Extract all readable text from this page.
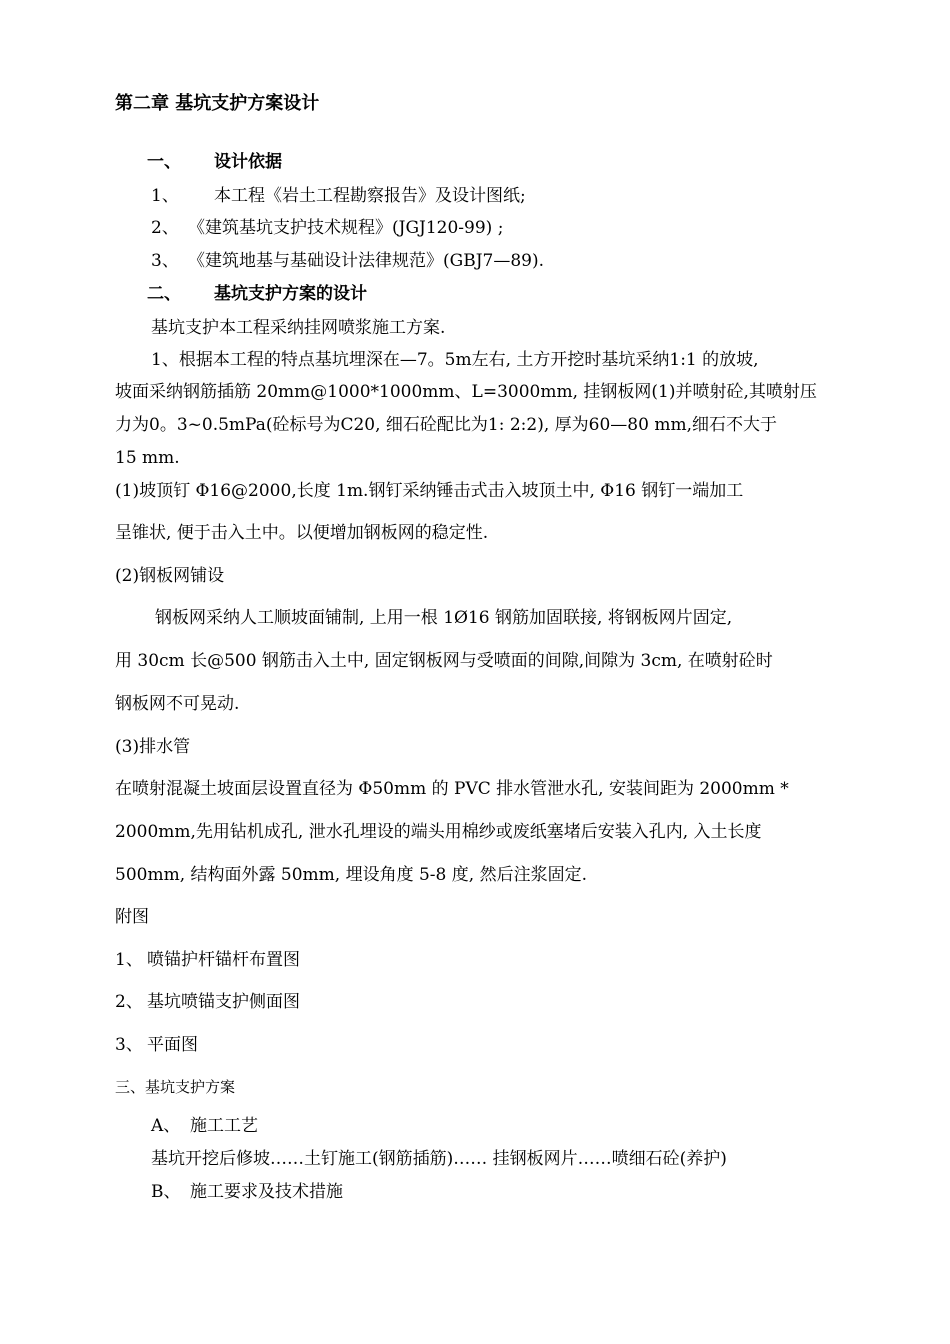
第二章 基坑支护方案设计
一、 设计依据
1、 本工程《岩土工程勘察报告》及设计图纸;
2、 《建筑基坑支护技术规程》(JGJ120-99) ;
3、 《建筑地基与基础设计法律规范》(GBJ7—89).
二、 基坑支护方案的设计
基坑支护本工程采纳挂网喷浆施工方案.
1、根据本工程的特点基坑埋深在—7。5m左右, 土方开挖时基坑采纳1:1 的放坡,
坡面采纳钢筋插筋 20mm@1000*1000mm、L=3000mm, 挂钢板网(1)并喷射砼,其喷射压
力为0。3~0.5mPa(砼标号为C20, 细石砼配比为1: 2:2), 厚为60—80 mm,细石不大于
15 mm.
(1)坡顶钉 Φ16@2000,长度 1m.钢钉采纳锤击式击入坡顶土中, Φ16 钢钉一端加工
呈锥状, 便于击入土中。以便增加钢板网的稳定性.
(2)钢板网铺设
钢板网采纳人工顺坡面铺制, 上用一根 1Ø16 钢筋加固联接, 将钢板网片固定,
用 30cm 长@500 钢筋击入土中, 固定钢板网与受喷面的间隙,间隙为 3cm, 在喷射砼时
钢板网不可晃动.
(3)排水管
在喷射混凝土坡面层设置直径为 Φ50mm 的 PVC 排水管泄水孔, 安装间距为 2000mm *
2000mm,先用钻机成孔, 泄水孔埋设的端头用棉纱或废纸塞堵后安装入孔内, 入土长度
500mm, 结构面外露 50mm, 埋设角度 5-8 度, 然后注浆固定.
附图
1、 喷锚护杆锚杆布置图
2、 基坑喷锚支护侧面图
3、 平面图
三、基坑支护方案
A、 施工工艺
基坑开挖后修坡……土钉施工(钢筋插筋)…… 挂钢板网片……喷细石砼(养护)
B、 施工要求及技术措施
